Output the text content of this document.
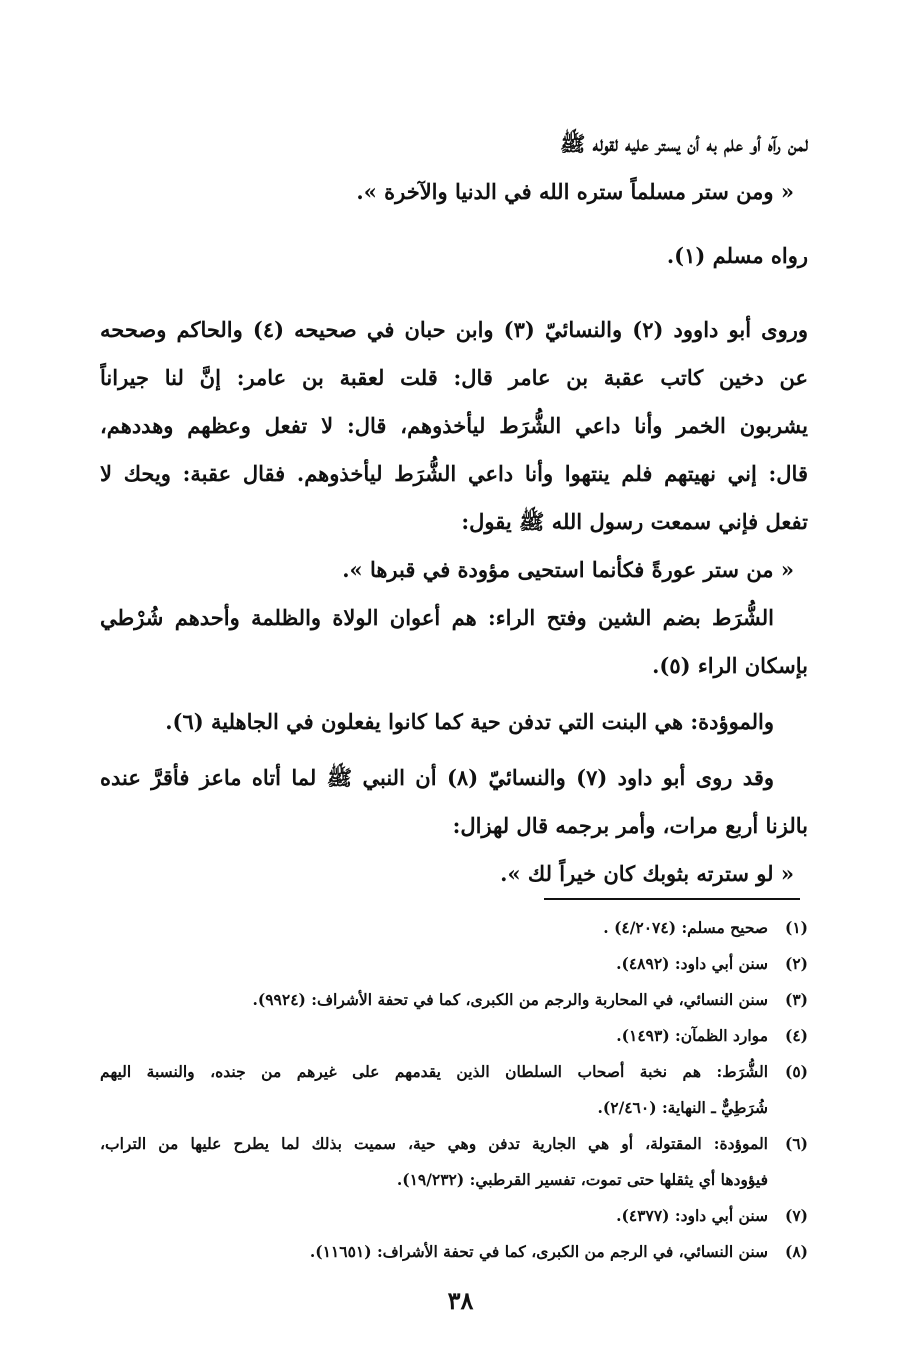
لمن رآه أو علم به أن يستر عليه لقوله ﷺ
« ومن ستر مسلماً ستره الله في الدنيا والآخرة ».
رواه مسلم (١).
وروى أبو داوود (٢) والنسائيّ (٣) وابن حبان في صحيحه (٤) والحاكم وصححه
عن دخين كاتب عقبة بن عامر قال: قلت لعقبة بن عامر: إنَّ لنا جيراناً
يشربون الخمر وأنا داعي الشُّرَط ليأخذوهم، قال: لا تفعل وعظهم وهددهم،
قال: إني نهيتهم فلم ينتهوا وأنا داعي الشُّرَط ليأخذوهم. فقال عقبة: ويحك لا
تفعل فإني سمعت رسول الله ﷺ يقول:
« من ستر عورةً فكأنما استحيى مؤودة في قبرها ».
الشُّرَط بضم الشين وفتح الراء: هم أعوان الولاة والظلمة وأحدهم شُرْطي
بإسكان الراء (٥).
والموؤدة: هي البنت التي تدفن حية كما كانوا يفعلون في الجاهلية (٦).
وقد روى أبو داود (٧) والنسائيّ (٨) أن النبي ﷺ لما أتاه ماعز فأقرَّ عنده
بالزنا أربع مرات، وأمر برجمه قال لهزال:
« لو سترته بثوبك كان خيراً لك ».
(١)
صحيح مسلم: (٤/٢٠٧٤) .
(٢)
سنن أبي داود: (٤٨٩٢).
(٣)
سنن النسائي، في المحاربة والرجم من الكبرى، كما في تحفة الأشراف: (٩٩٢٤).
(٤)
موارد الظمآن: (١٤٩٣).
(٥)
الشُّرَط: هم نخبة أصحاب السلطان الذين يقدمهم على غيرهم من جنده، والنسبة اليهم
شُرَطِيٌّ ـ النهاية: (٢/٤٦٠).
(٦)
الموؤدة: المقتولة، أو هي الجارية تدفن وهي حية، سميت بذلك لما يطرح عليها من التراب،
فيؤودها أي يثقلها حتى تموت، تفسير القرطبي: (١٩/٢٣٢).
(٧)
سنن أبي داود: (٤٣٧٧).
(٨)
سنن النسائي، في الرجم من الكبرى، كما في تحفة الأشراف: (١١٦٥١).
٣٨
